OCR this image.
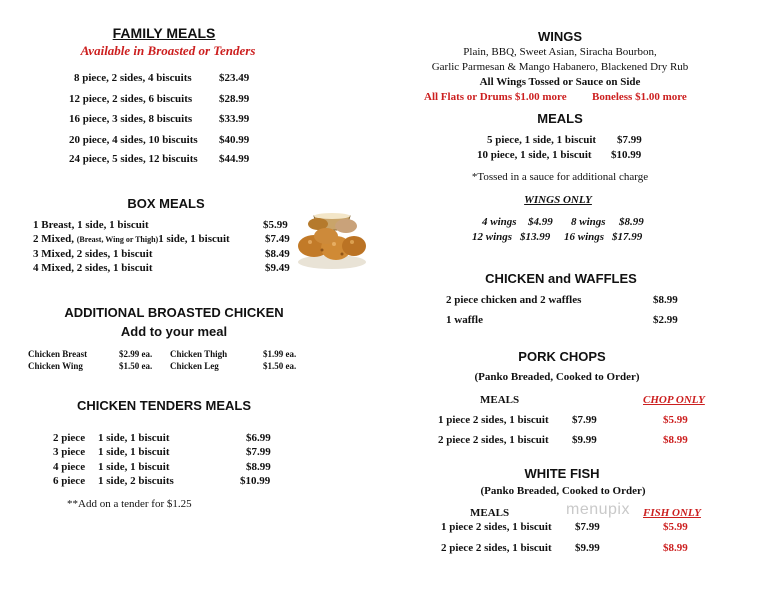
FAMILY MEALS
Available in Broasted or Tenders
8 piece, 2 sides, 4 biscuits $23.49
12 piece, 2 sides, 6 biscuits $28.99
16 piece, 3 sides, 8 biscuits $33.99
20 piece, 4 sides, 10 biscuits $40.99
24 piece, 5 sides, 12 biscuits $44.99
BOX MEALS
1 Breast, 1 side, 1 biscuit	$5.99
2 Mixed, (Breast, Wing or Thigh)1 side, 1 biscuit	$7.49
3 Mixed, 2 sides, 1 biscuit	$8.49
4 Mixed, 2 sides, 1 biscuit	$9.49
ADDITIONAL BROASTED CHICKEN
Add to your meal
Chicken Breast	$2.99 ea. Chicken Thigh	$1.99 ea.
Chicken Wing	$1.50 ea. Chicken Leg	$1.50 ea.
CHICKEN TENDERS MEALS
2 piece 1 side, 1 biscuit	$6.99
3 piece 1 side, 1 biscuit	$7.99
4 piece 1 side, 1 biscuit	$8.99
6 piece 1 side, 2 biscuits	$10.99
**Add on a tender for $1.25
WINGS
Plain, BBQ, Sweet Asian, Siracha Bourbon,
Garlic Parmesan & Mango Habanero, Blackened Dry Rub
All Wings Tossed or Sauce on Side
All Flats or Drums $1.00 more Boneless $1.00 more
MEALS
5 piece, 1 side, 1 biscuit $7.99
10 piece, 1 side, 1 biscuit $10.99
*Tossed in a sauce for additional charge
WINGS ONLY
4 wings $4.99 8 wings $8.99
12 wings $13.99 16 wings $17.99
CHICKEN and WAFFLES
2 piece chicken and 2 waffles	$8.99
1 waffle	$2.99
PORK CHOPS
(Panko Breaded, Cooked to Order)
MEALS	CHOP ONLY
1 piece 2 sides, 1 biscuit $7.99	$5.99
2 piece 2 sides, 1 biscuit $9.99	$8.99
WHITE FISH
(Panko Breaded, Cooked to Order)
MEALS	FISH ONLY
menupix
1 piece 2 sides, 1 biscuit $7.99	$5.99
2 piece 2 sides, 1 biscuit $9.99	$8.99
